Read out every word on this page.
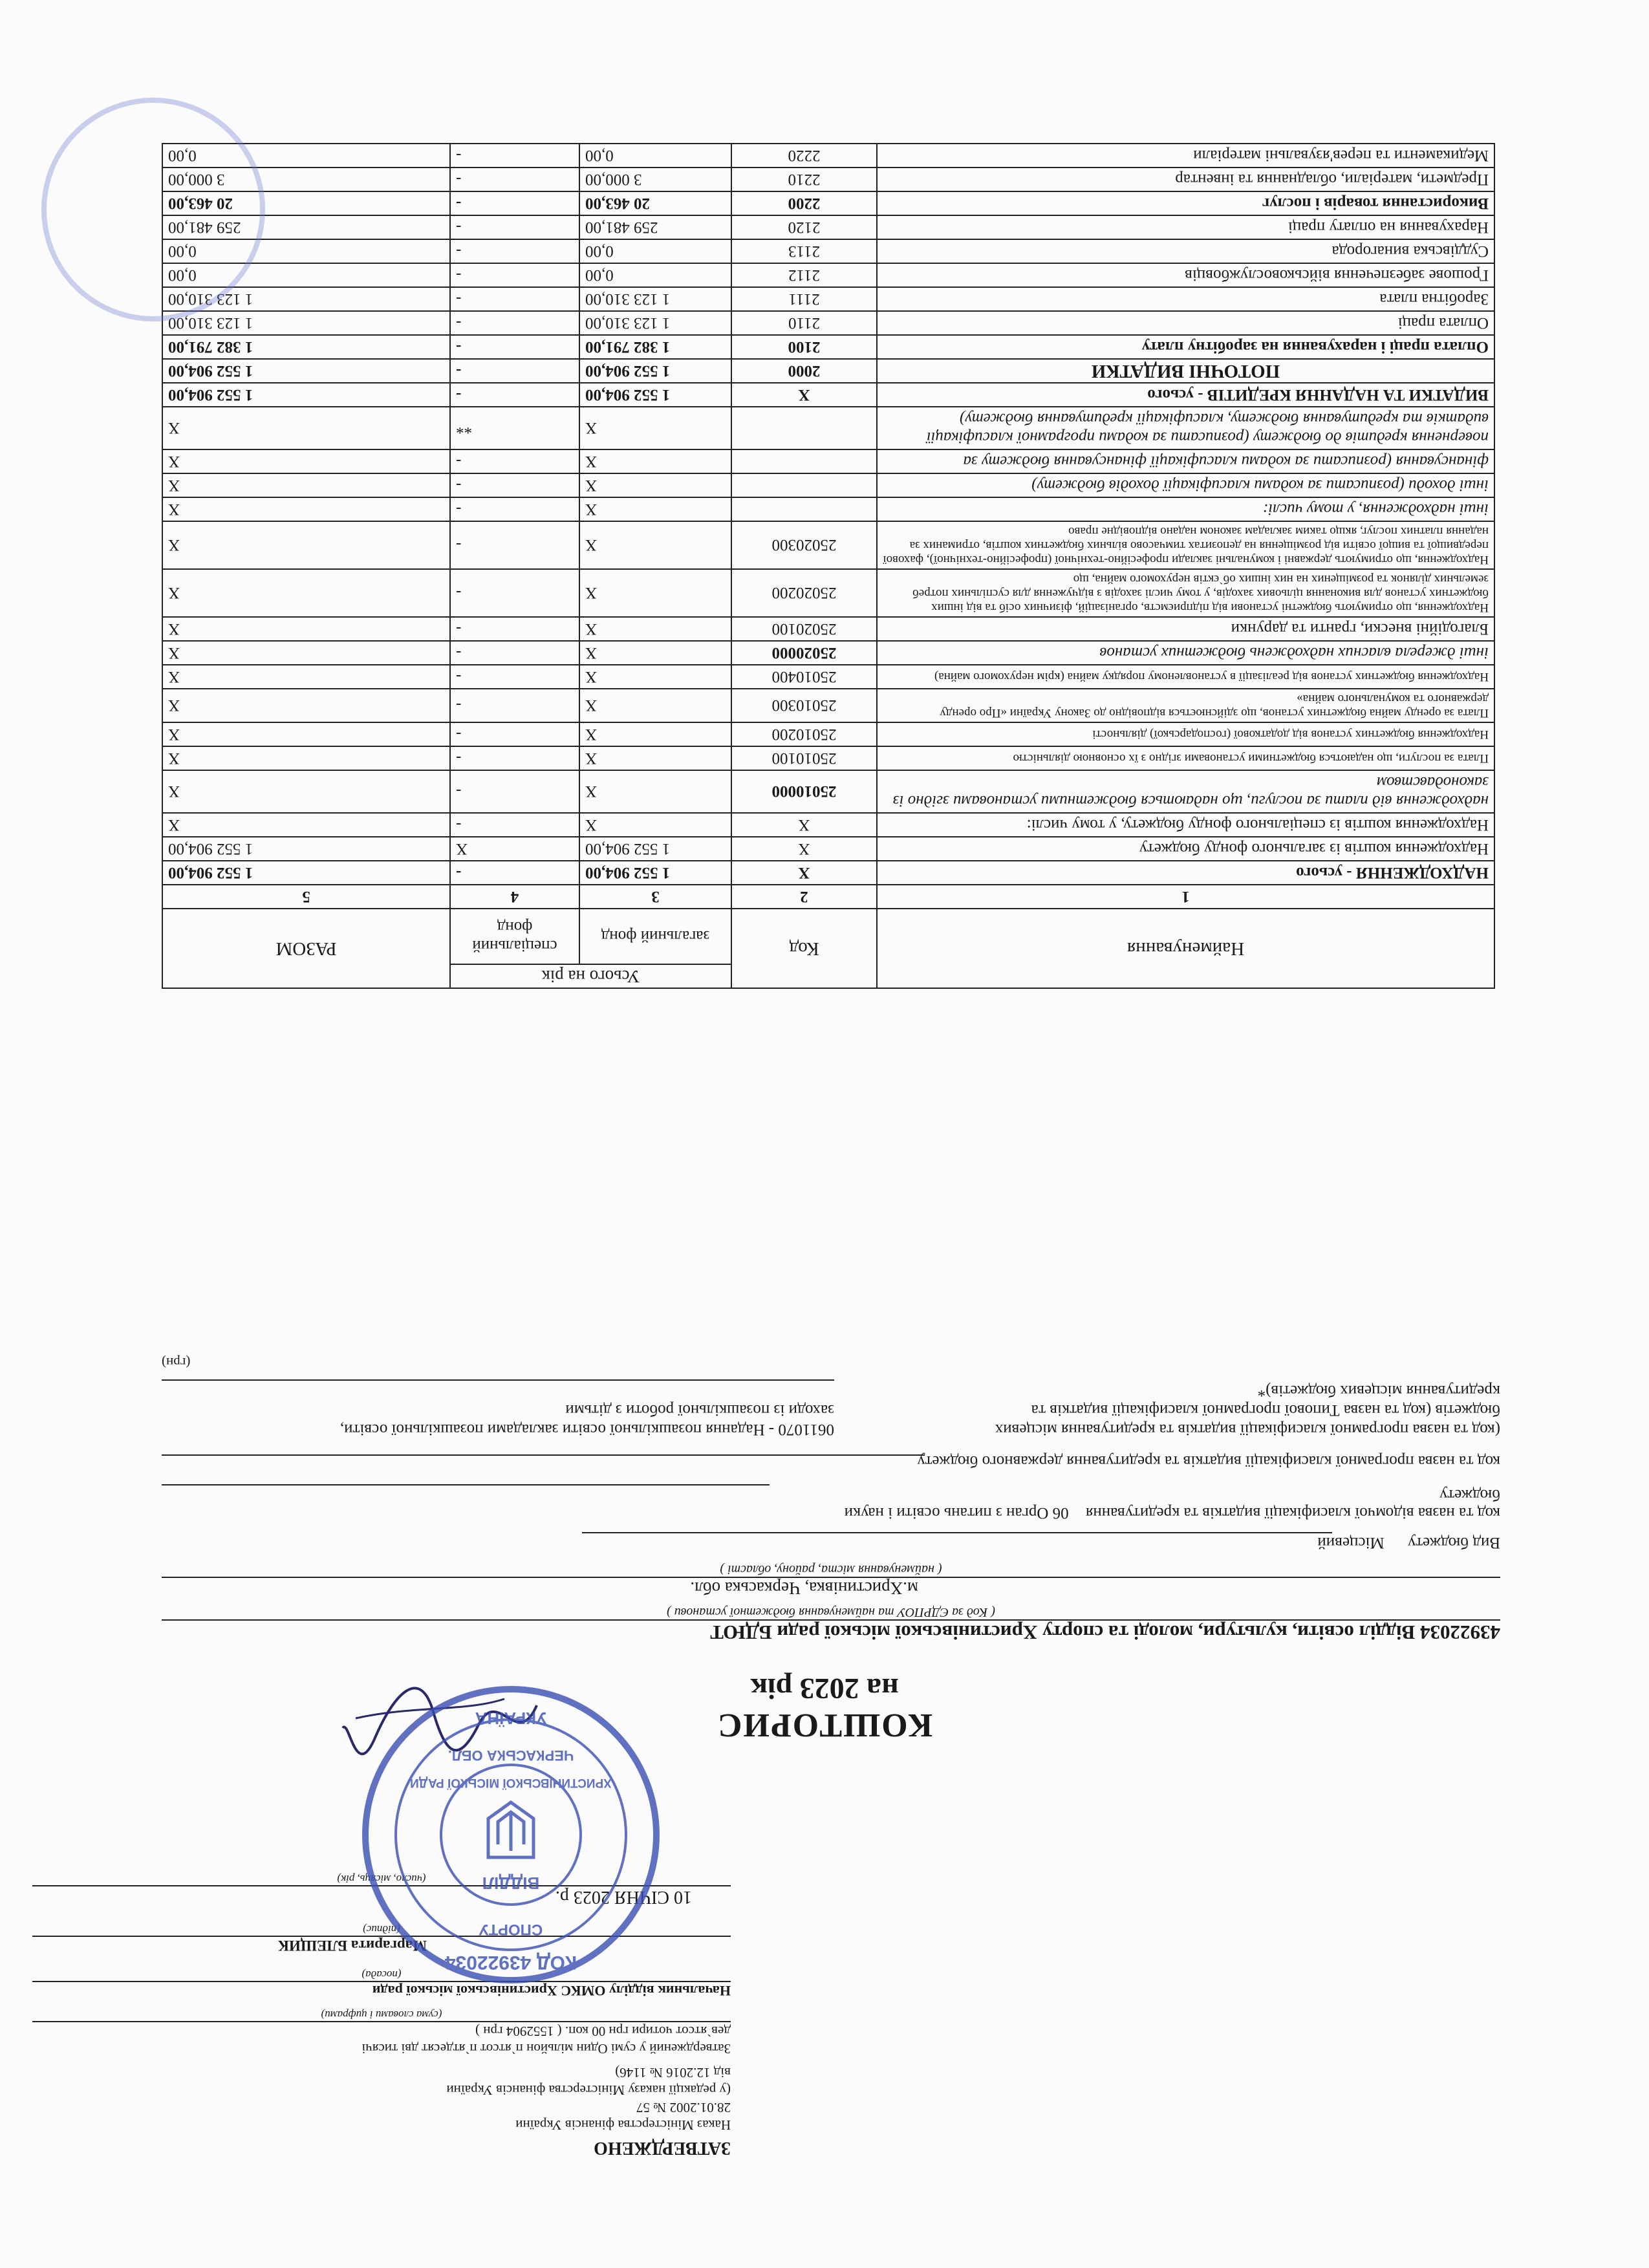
ЗАТВЕРДЖЕНО
Наказ Міністерства фінансів України
28.01.2002 № 57
(у редакції наказу Міністерства фінансів України
від 12.2016 № 1146)
Затверджений у сумі Один мільйон п`ятсот п`ятдесят дві тисячі
дев`ятсот чотири грн 00 коп. ( 1552904 грн )
(сума словами і цифрами)
Начальник відділу ОМКС Христинівської міської ради
(посада)
Маргарита БЛЕЩИК
(підпис)
10 СІЧНЯ 2023 р.
(число, місяць, рік)
КОД 43922034
СПОРТУ
ВІДДІЛ
ХРИСТИНІВСЬКОЇ МІСЬКОЇ РАДИ
ЧЕРКАСЬКА ОБЛ.
УКРАЇНА	КОШТОРИС
на 2023 рік
43922034 Відділ освіти, культури, молоді та спорту Христинівської міської ради БДЮТ
( Код за ЄДРПОУ та найменування бюджетної установи )
м.Христинівка, Черкаська обл.
( найменування міста, району, області )
Вид бюджету Місцевий
код та назва відомчої класифікації видатків та кредитування 06 Орган з питань освіти і науки
бюджету
код та назва програмної класифікації видатків та кредитування державного бюджету
(код та назва програмної класифікації видатків та кредитування місцевих
бюджетів (код та назва Типової програмної класифікації видатків та
кредитування місцевих бюджетів)*
0611070 - Надання позашкільної освіти закладами позашкільної освіти,
заходи із позашкільної роботи з дітьми
(грн)
Найменування	Код	Усього на рік		РАЗОМ
		загальний фонд	спеціальний фонд	
1	2	3	4	5
НАДХОДЖЕННЯ - усього	Х	1 552 904,00	-	1 552 904,00
Надходження коштів із загального фонду бюджету	Х	1 552 904,00	Х	1 552 904,00
Надходження коштів із спеціального фонду бюджету, у тому числі:	Х	Х	-	Х
надходження від плати за послуги, що надаються бюджетними установами згідно із законодавством	25010000	Х	-	Х
Плата за послуги, що надаються бюджетними установами згідно з їх основною діяльністю	25010100	Х	-	Х
Надходження бюджетних установ від додаткової (господарської) діяльності	25010200	Х	-	Х
Плата за оренду майна бюджетних установ, що здійснюється відповідно до Закону України «Про оренду державного та комунального майна»	25010300	Х	-	Х
Надходження бюджетних установ від реалізації в установленому порядку майна (крім нерухомого майна)	25010400	Х	-	Х
інші джерела власних надходжень бюджетних установ	25020000	Х	-	Х
Благодійні внески, гранти та дарунки	25020100	Х	-	Х
Надходження, що отримують бюджетні установи від підприємств, організацій, фізичних осіб та від інших бюджетних установ для виконання цільових заходів, у тому числі заходів з відчуження для суспільних потреб земельних ділянок та розміщених на них інших об`єктів нерухомого майна, що	25020200	Х	-	Х
Надходження, що отримують державні і комунальні заклади професійно-технічної (професійно-технічної), фахової передвищої та вищої освіти від розміщення на депозитах тимчасово вільних бюджетних коштів, отриманих за надання платних послуг, якщо таким закладам законом надано відповідне право	25020300	Х	-	Х
інші надходження, у тому числі:		Х	-	Х
інші доходи (розписати за кодами класифікації доходів бюджету)		Х	-	Х
фінансування (розписати за кодами класифікації фінансування бюджету за		Х	-	Х
повернення кредитів до бюджету (розписати за кодами програмної класифікації видатків та кредитування бюджету, класифікації кредитування бюджету)		Х	**	Х
ВИДАТКИ ТА НАДАННЯ КРЕДИТІВ - усього	Х	1 552 904,00	-	1 552 904,00
ПОТОЧНІ ВИДАТКИ	2000	1 552 904,00	-	1 552 904,00
Оплата праці і нарахування на заробітну плату	2100	1 382 791,00	-	1 382 791,00
Оплата праці	2110	1 123 310,00	-	1 123 310,00
Заробітна плата	2111	1 123 310,00	-	1 123 310,00
Грошове забезпечення військовослужбовців	2112	0,00	-	0,00
Суддівська винагорода	2113	0,00	-	0,00
Нарахування на оплату праці	2120	259 481,00	-	259 481,00
Використання товарів і послуг	2200	20 463,00	-	20 463,00
Предмети, матеріали, обладнання та інвентар	2210	3 000,00	-	3 000,00
Медикаменти та перев'язувальні матеріали	2220	0,00	-	0,00
